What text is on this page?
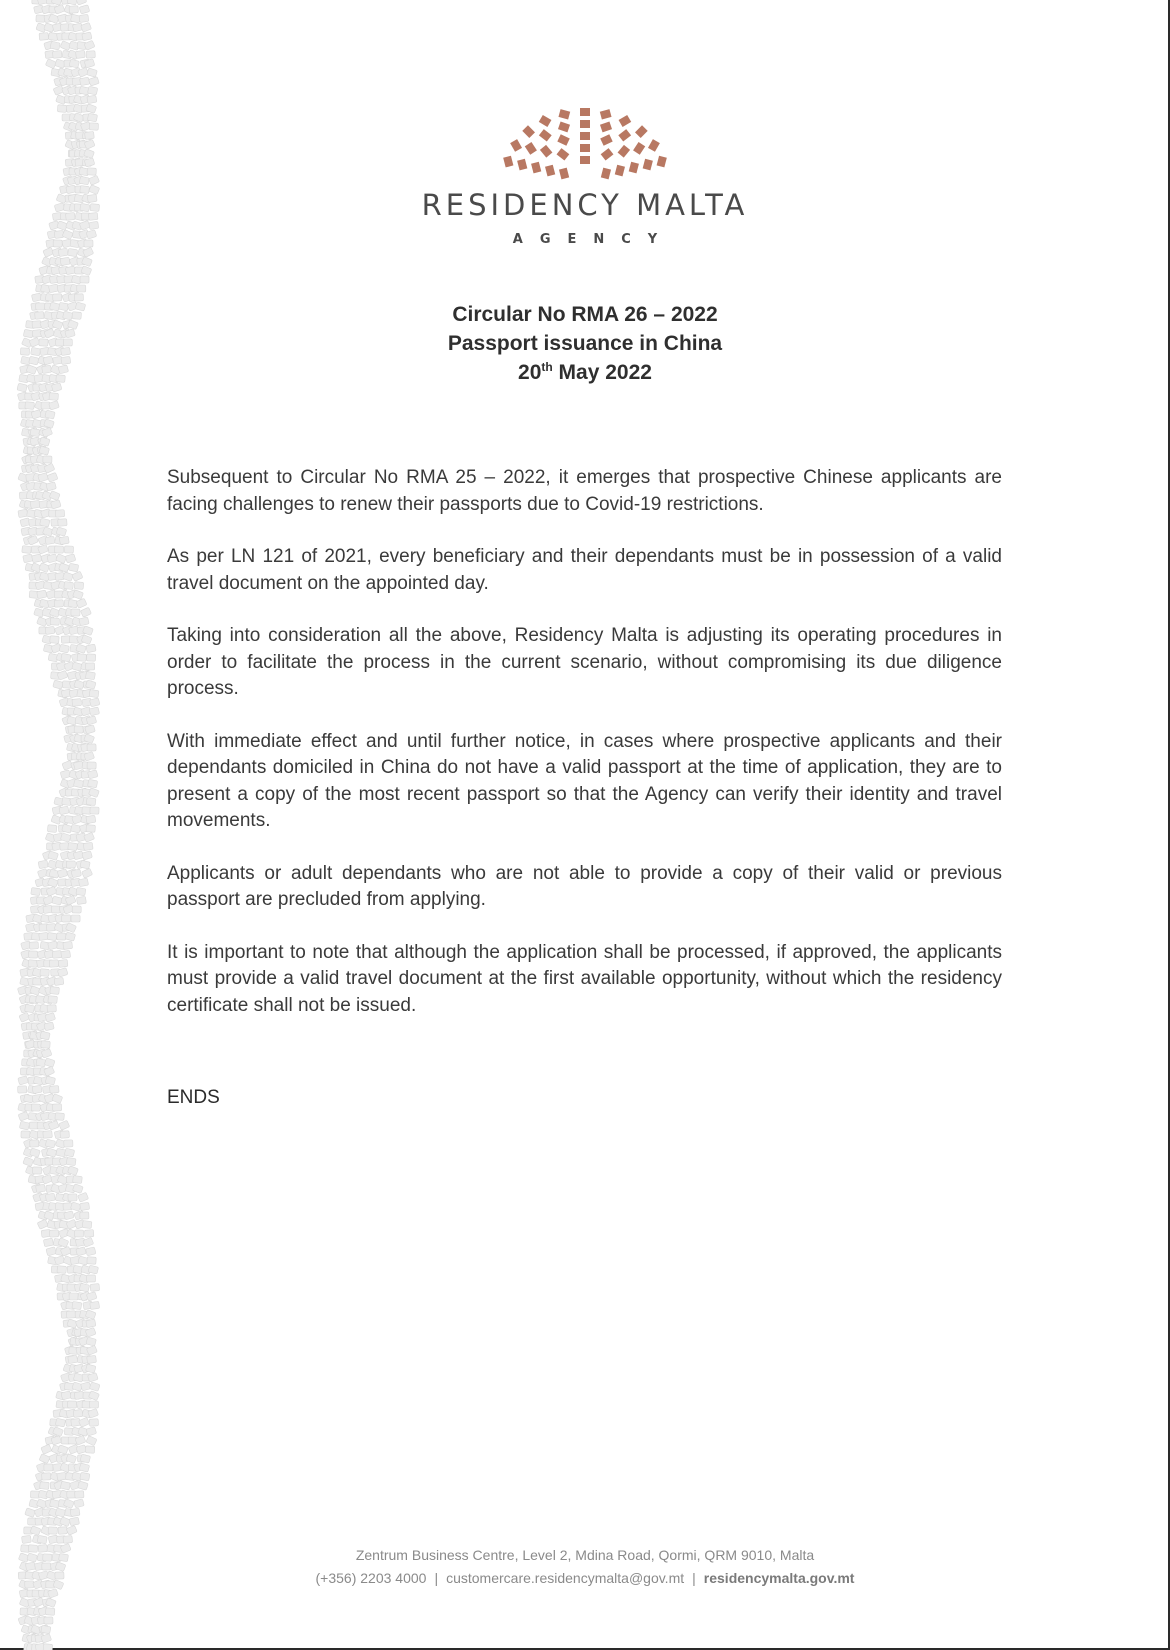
RESIDENCY MALTA
AGENCY
Circular No RMA 26 – 2022
Passport issuance in China
20th May 2022

Subsequent to Circular No RMA 25 – 2022, it emerges that prospective Chinese applicants are facing challenges to renew their passports due to Covid-19 restrictions.

As per LN 121 of 2021, every beneficiary and their dependants must be in possession of a valid travel document on the appointed day.

Taking into consideration all the above, Residency Malta is adjusting its operating procedures in order to facilitate the process in the current scenario, without compromising its due diligence process.

With immediate effect and until further notice, in cases where prospective applicants and their dependants domiciled in China do not have a valid passport at the time of application, they are to present a copy of the most recent passport so that the Agency can verify their identity and travel movements.

Applicants or adult dependants who are not able to provide a copy of their valid or previous passport are precluded from applying.

It is important to note that although the application shall be processed, if approved, the applicants must provide a valid travel document at the first available opportunity, without which the residency certificate shall not be issued.

ENDS
Zentrum Business Centre, Level 2, Mdina Road, Qormi, QRM 9010, Malta
(+356) 2203 4000 | customercare.residencymalta@gov.mt | residencymalta.gov.mt
